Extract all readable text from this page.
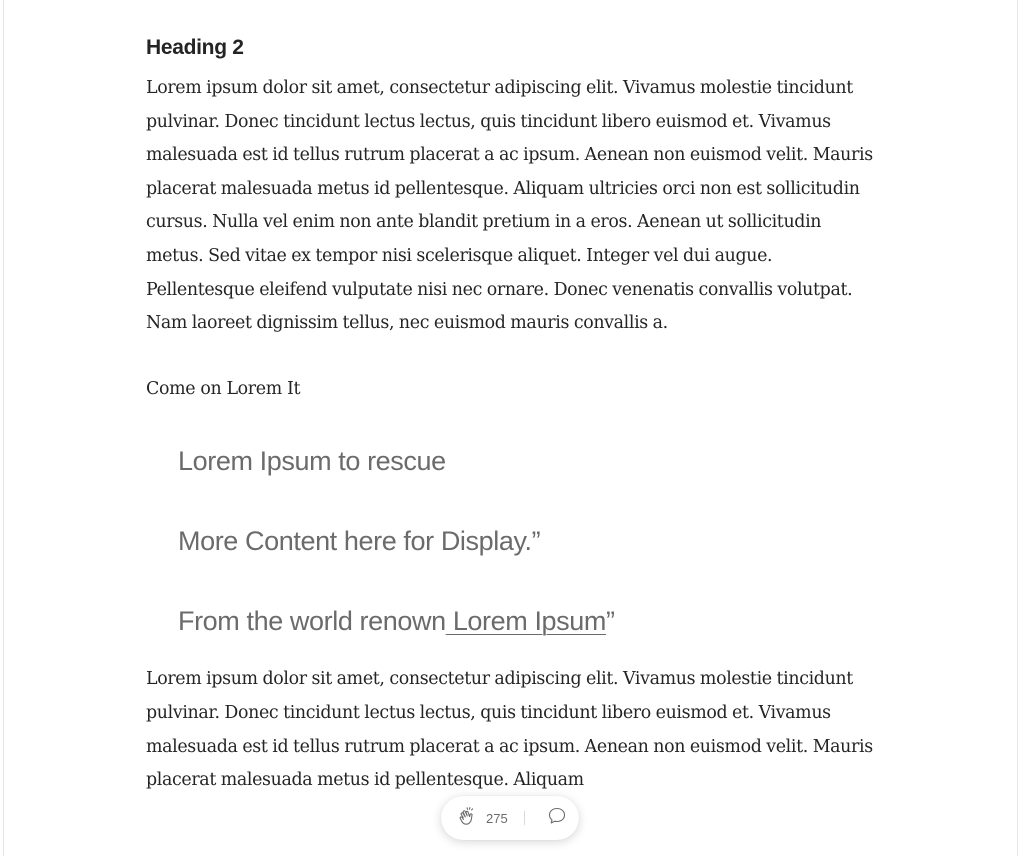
Heading 2

Lorem ipsum dolor sit amet, consectetur adipiscing elit. Vivamus molestie tincidunt pulvinar. Donec tincidunt lectus lectus, quis tincidunt libero euismod et. Vivamus malesuada est id tellus rutrum placerat a ac ipsum. Aenean non euismod velit. Mauris placerat malesuada metus id pellentesque. Aliquam ultricies orci non est sollicitudin cursus. Nulla vel enim non ante blandit pretium in a eros. Aenean ut sollicitudin metus. Sed vitae ex tempor nisi scelerisque aliquet. Integer vel dui augue. Pellentesque eleifend vulputate nisi nec ornare. Donec venenatis convallis volutpat. Nam laoreet dignissim tellus, nec euismod mauris convallis a.

Come on Lorem It

Lorem Ipsum to rescue

More Content here for Display.”

From the world renown Lorem Ipsum”

Lorem ipsum dolor sit amet, consectetur adipiscing elit. Vivamus molestie tincidunt pulvinar. Donec tincidunt lectus lectus, quis tincidunt libero euismod et. Vivamus malesuada est id tellus rutrum placerat a ac ipsum. Aenean non euismod velit. Mauris placerat malesuada metus id pellentesque. Aliquam

275
